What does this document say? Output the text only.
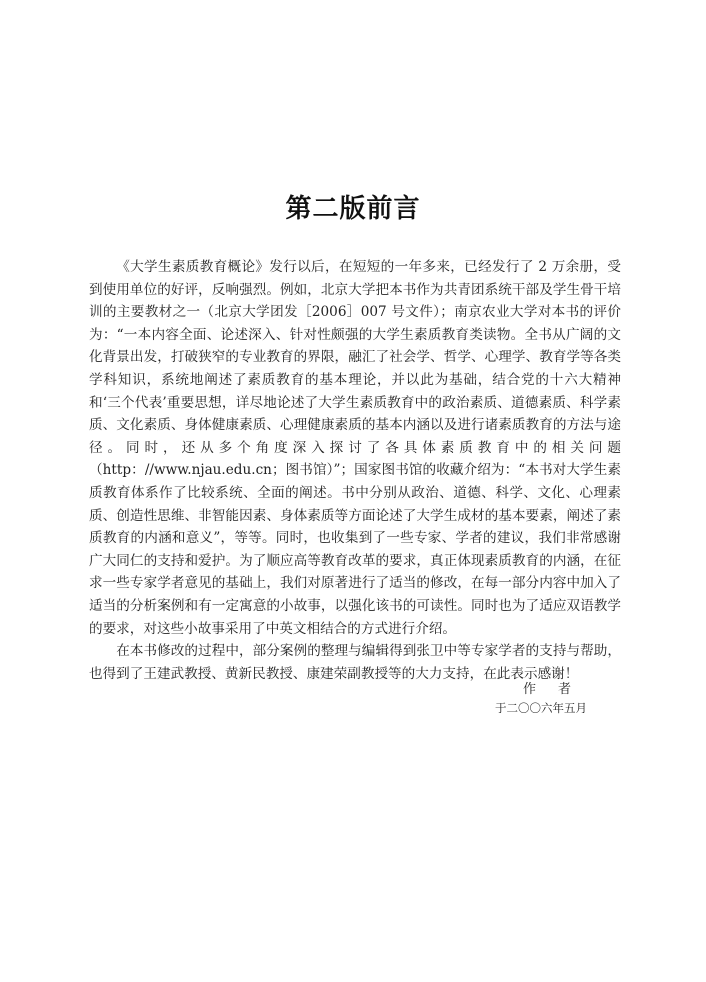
第二版前言

《大学生素质教育概论》发行以后，在短短的一年多来，已经发行了 2 万余册，受到使用单位的好评，反响强烈。例如，北京大学把本书作为共青团系统干部及学生骨干培训的主要教材之一（北京大学团发［2006］007 号文件）；南京农业大学对本书的评价为：“一本内容全面、论述深入、针对性颇强的大学生素质教育类读物。全书从广阔的文化背景出发，打破狭窄的专业教育的界限，融汇了社会学、哲学、心理学、教育学等各类学科知识，系统地阐述了素质教育的基本理论，并以此为基础，结合党的十六大精神和‘三个代表’重要思想，详尽地论述了大学生素质教育中的政治素质、道德素质、科学素质、文化素质、身体健康素质、心理健康素质的基本内涵以及进行诸素质教育的方法与途径。同时，还从多个角度深入探讨了各具体素质教育中的相关问题（http：//www.njau.edu.cn；图书馆）”；国家图书馆的收藏介绍为：“本书对大学生素质教育体系作了比较系统、全面的阐述。书中分别从政治、道德、科学、文化、心理素质、创造性思维、非智能因素、身体素质等方面论述了大学生成材的基本要素，阐述了素质教育的内涵和意义”，等等。同时，也收集到了一些专家、学者的建议，我们非常感谢广大同仁的支持和爱护。为了顺应高等教育改革的要求，真正体现素质教育的内涵，在征求一些专家学者意见的基础上，我们对原著进行了适当的修改，在每一部分内容中加入了适当的分析案例和有一定寓意的小故事，以强化该书的可读性。同时也为了适应双语教学的要求，对这些小故事采用了中英文相结合的方式进行介绍。

在本书修改的过程中，部分案例的整理与编辑得到张卫中等专家学者的支持与帮助，也得到了王建武教授、黄新民教授、康建荣副教授等的大力支持，在此表示感谢！

作 者
于二〇〇六年五月
